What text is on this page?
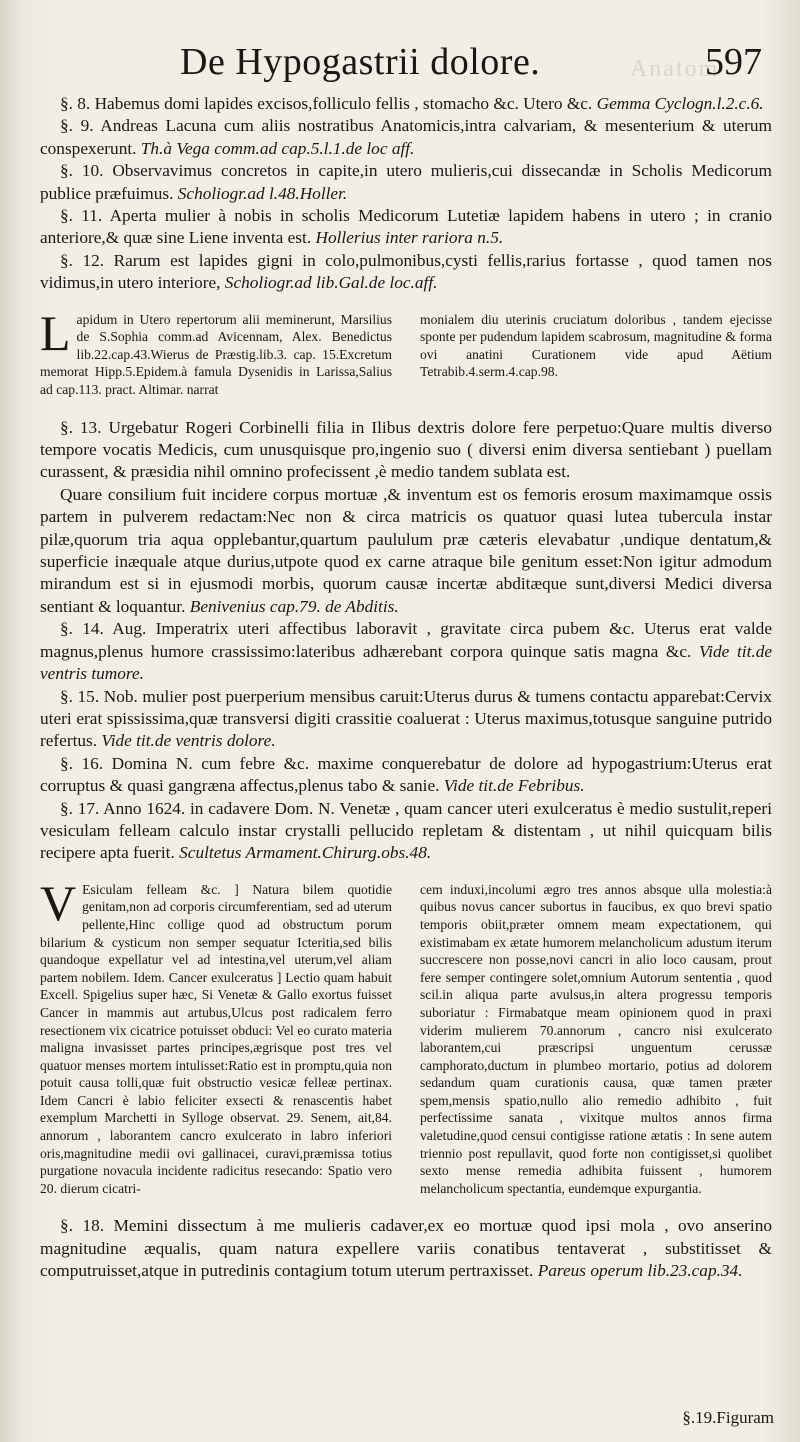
Anatom
De Hypogastrii dolore.	597

§. 8. Habemus domi lapides excisos,folliculo fellis , stomacho &c. Utero &c. Gemma Cyclogn.l.2.c.6.

§. 9. Andreas Lacuna cum aliis nostratibus Anatomicis,intra calvariam, & mesenterium & uterum conspexerunt. Th.à Vega comm.ad cap.5.l.1.de loc aff.

§. 10. Observavimus concretos in capite,in utero mulieris,cui dissecandæ in Scholis Medicorum publice præfuimus. Scholiogr.ad l.48.Holler.

§. 11. Aperta mulier à nobis in scholis Medicorum Lutetiæ lapidem habens in utero ; in cranio anteriore,& quæ sine Liene inventa est. Hollerius inter rariora n.5.

§. 12. Rarum est lapides gigni in colo,pulmonibus,cysti fellis,rarius fortasse , quod tamen nos vidimus,in utero interiore, Scholiogr.ad lib.Gal.de loc.aff.

Lapidum in Utero repertorum alii meminerunt, Marsilius de S.Sophia comm.ad Avicennam, Alex. Benedictus lib.22.cap.43.Wierus de Præstig.lib.3. cap. 15.Excretum memorat Hipp.5.Epidem.à famula Dysenidis in Larissa,Salius ad cap.113. pract. Altimar. narrat

monialem diu uterinis cruciatum doloribus , tandem ejecisse sponte per pudendum lapidem scabrosum, magnitudine & forma ovi anatini Curationem vide apud Aëtium Tetrabib.4.serm.4.cap.98.

§. 13. Urgebatur Rogeri Corbinelli filia in Ilibus dextris dolore fere perpetuo:Quare multis diverso tempore vocatis Medicis, cum unusquisque pro,ingenio suo ( diversi enim diversa sentiebant ) puellam curassent, & præsidia nihil omnino profecissent ,è medio tandem sublata est.

Quare consilium fuit incidere corpus mortuæ ,& inventum est os femoris erosum maximamque ossis partem in pulverem redactam:Nec non & circa matricis os quatuor quasi lutea tubercula instar pilæ,quorum tria aqua opplebantur,quartum paululum præ cæteris elevabatur ,undique dentatum,& superficie inæquale atque durius,utpote quod ex carne atraque bile genitum esset:Non igitur admodum mirandum est si in ejusmodi morbis, quorum causæ incertæ abditæque sunt,diversi Medici diversa sentiant & loquantur. Benivenius cap.79. de Abditis.

§. 14. Aug. Imperatrix uteri affectibus laboravit , gravitate circa pubem &c. Uterus erat valde magnus,plenus humore crassissimo:lateribus adhærebant corpora quinque satis magna &c. Vide tit.de ventris tumore.

§. 15. Nob. mulier post puerperium mensibus caruit:Uterus durus & tumens contactu apparebat:Cervix uteri erat spississima,quæ transversi digiti crassitie coaluerat : Uterus maximus,totusque sanguine putrido refertus. Vide tit.de ventris dolore.

§. 16. Domina N. cum febre &c. maxime conquerebatur de dolore ad hypogastrium:Uterus erat corruptus & quasi gangræna affectus,plenus tabo & sanie. Vide tit.de Febribus.

§. 17. Anno 1624. in cadavere Dom. N. Venetæ , quam cancer uteri exulceratus è medio sustulit,reperi vesiculam felleam calculo instar crystalli pellucido repletam & distentam , ut nihil quicquam bilis recipere apta fuerit. Scultetus Armament.Chirurg.obs.48.

V Esiculam felleam &c. ] Natura bilem quotidie genitam,non ad corporis circumferentiam, sed ad uterum pellente,Hinc collige quod ad obstructum porum bilarium & cysticum non semper sequatur Icteritia,sed bilis quandoque expellatur vel ad intestina,vel uterum,vel aliam partem nobilem. Idem. Cancer exulceratus ] Lectio quam habuit Excell. Spigelius super hæc, Si Venetæ & Gallo exortus fuisset Cancer in mammis aut artubus,Ulcus post radicalem ferro resectionem vix cicatrice potuisset obduci: Vel eo curato materia maligna invasisset partes principes,ægrisque post tres vel quatuor menses mortem intulisset:Ratio est in promptu,quia non potuit causa tolli,quæ fuit obstructio vesicæ felleæ pertinax. Idem Cancri è labio feliciter exsecti & renascentis habet exemplum Marchetti in Sylloge observat. 29. Senem, ait,84. annorum , laborantem cancro exulcerato in labro inferiori oris,magnitudine medii ovi gallinacei, curavi,præmissa totius purgatione novacula incidente radicitus resecando: Spatio vero 20. dierum cicatri-

cem induxi,incolumi ægro tres annos absque ulla molestia:à quibus novus cancer subortus in faucibus, ex quo brevi spatio temporis obiit,præter omnem meam expectationem, qui existimabam ex ætate humorem melancholicum adustum iterum succrescere non posse,novi cancri in alio loco causam, prout fere semper contingere solet,omnium Autorum sententia , quod scil.in aliqua parte avulsus,in altera progressu temporis suboriatur : Firmabatque meam opinionem quod in praxi viderim mulierem 70.annorum , cancro nisi exulcerato laborantem,cui præscripsi unguentum cerussæ camphorato,ductum in plumbeo mortario, potius ad dolorem sedandum quam curationis causa, quæ tamen præter spem,mensis spatio,nullo alio remedio adhibito , fuit perfectissime sanata , vixitque multos annos firma valetudine,quod censui contigisse ratione ætatis : In sene autem triennio post repullavit, quod forte non contigisset,si quolibet sexto mense remedia adhibita fuissent , humorem melancholicum spectantia, eundemque expurgantia.

§. 18. Memini dissectum à me mulieris cadaver,ex eo mortuæ quod ipsi mola , ovo anserino magnitudine æqualis, quam natura expellere variis conatibus tentaverat , substitisset & computruisset,atque in putredinis contagium totum uterum pertraxisset. Pareus operum lib.23.cap.34.

§.19.Figuram
